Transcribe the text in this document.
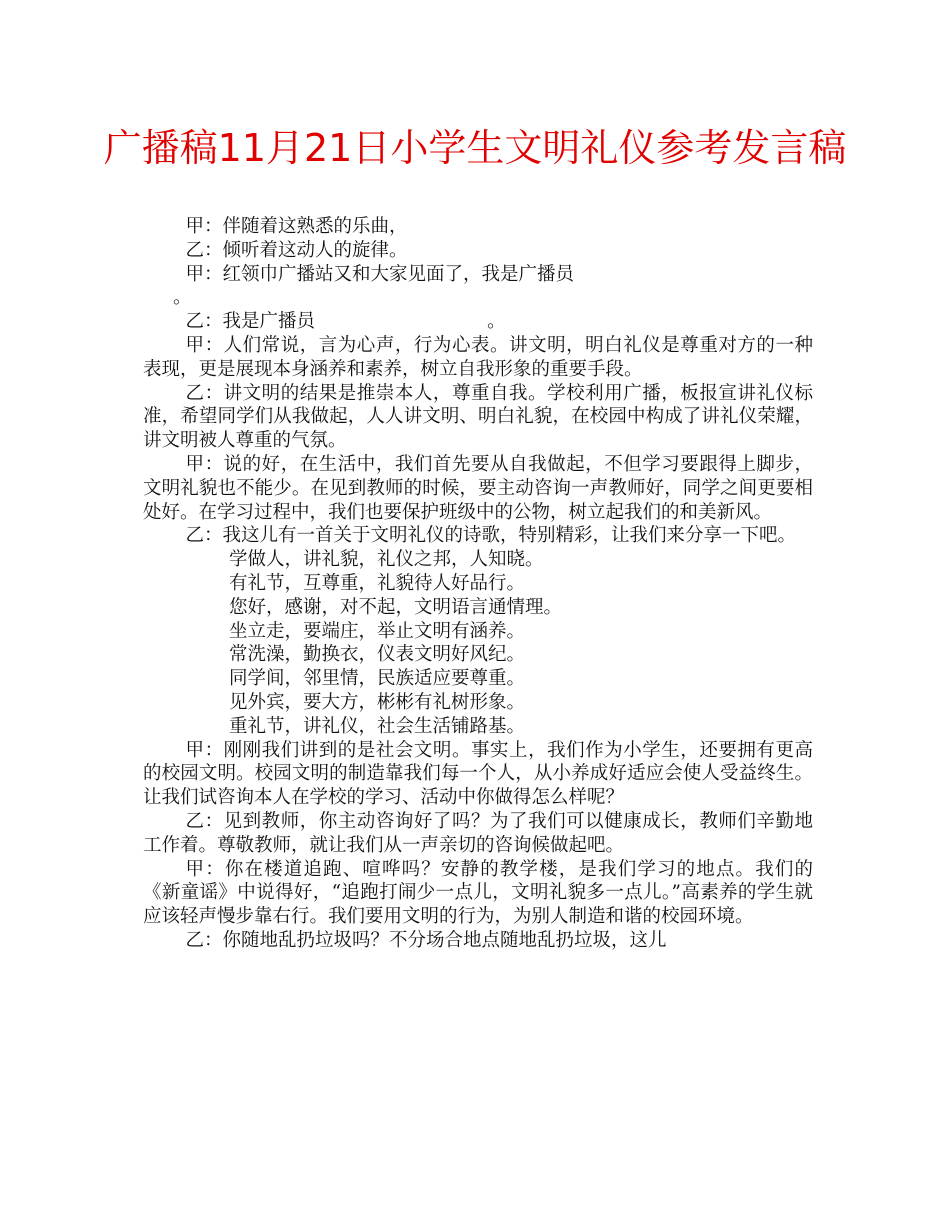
广播稿11月21日小学生文明礼仪参考发言稿

甲：伴随着这熟悉的乐曲，

乙：倾听着这动人的旋律。

甲：红领巾广播站又和大家见面了，我是广播员

。

乙：我是广播员	。

甲：人们常说，言为心声，行为心表。讲文明，明白礼仪是尊重对方的一种表现，更是展现本身涵养和素养，树立自我形象的重要手段。

乙：讲文明的结果是推崇本人，尊重自我。学校利用广播，板报宣讲礼仪标准，希望同学们从我做起，人人讲文明、明白礼貌，在校园中构成了讲礼仪荣耀，讲文明被人尊重的气氛。

甲：说的好，在生活中，我们首先要从自我做起，不但学习要跟得上脚步，文明礼貌也不能少。在见到教师的时候，要主动咨询一声教师好，同学之间更要相处好。在学习过程中，我们也要保护班级中的公物，树立起我们的和美新风。

乙：我这儿有一首关于文明礼仪的诗歌，特别精彩，让我们来分享一下吧。

学做人，讲礼貌，礼仪之邦，人知晓。

有礼节，互尊重，礼貌待人好品行。

您好，感谢，对不起，文明语言通情理。

坐立走，要端庄，举止文明有涵养。

常洗澡，勤换衣，仪表文明好风纪。

同学间，邻里情，民族适应要尊重。

见外宾，要大方，彬彬有礼树形象。

重礼节，讲礼仪，社会生活铺路基。

甲：刚刚我们讲到的是社会文明。事实上，我们作为小学生，还要拥有更高的校园文明。校园文明的制造靠我们每一个人，从小养成好适应会使人受益终生。让我们试咨询本人在学校的学习、活动中你做得怎么样呢？

乙：见到教师，你主动咨询好了吗？为了我们可以健康成长，教师们辛勤地工作着。尊敬教师，就让我们从一声亲切的咨询候做起吧。

甲：你在楼道追跑、喧哗吗？安静的教学楼，是我们学习的地点。我们的《新童谣》中说得好，“追跑打闹少一点儿，文明礼貌多一点儿。”高素养的学生就应该轻声慢步靠右行。我们要用文明的行为，为别人制造和谐的校园环境。

乙：你随地乱扔垃圾吗？不分场合地点随地乱扔垃圾，这儿
